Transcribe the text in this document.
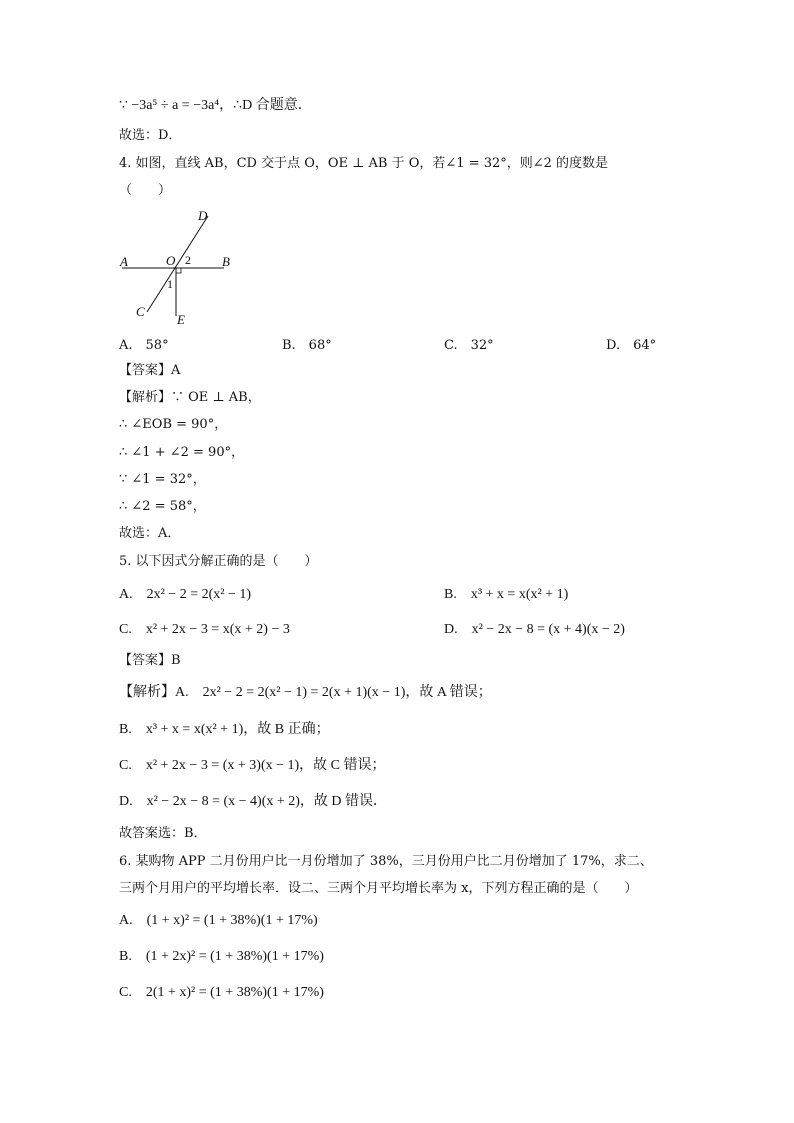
∵ −3a⁵ ÷ a = −3a⁴，∴D 合题意．
故选：D．
4. 如图，直线 AB，CD 交于点 O，OE ⊥ AB 于 O，若∠1 = 32°，则∠2 的度数是
（　　）
A	B
C
D
E
O
1
2
A.　58°	B.　68°	C.　32°	D.　64°
【答案】A
【解析】∵ OE ⊥ AB，
∴ ∠EOB = 90°，
∴ ∠1 + ∠2 = 90°，
∵ ∠1 = 32°，
∴ ∠2 = 58°，
故选：A．
5. 以下因式分解正确的是（　　）
A.　2x² − 2 = 2(x² − 1)	B.　x³ + x = x(x² + 1)
C.　x² + 2x − 3 = x(x + 2) − 3	D.　x² − 2x − 8 = (x + 4)(x − 2)
【答案】B
【解析】A.　2x² − 2 = 2(x² − 1) = 2(x + 1)(x − 1)，故 A 错误；
B.　x³ + x = x(x² + 1)，故 B 正确；
C.　x² + 2x − 3 = (x + 3)(x − 1)，故 C 错误；
D.　x² − 2x − 8 = (x − 4)(x + 2)，故 D 错误．
故答案选：B．
6. 某购物 APP 二月份用户比一月份增加了 38%，三月份用户比二月份增加了 17%，求二、
三两个月用户的平均增长率．设二、三两个月平均增长率为 x，下列方程正确的是（　　）
A.　(1 + x)² = (1 + 38%)(1 + 17%)
B.　(1 + 2x)² = (1 + 38%)(1 + 17%)
C.　2(1 + x)² = (1 + 38%)(1 + 17%)
